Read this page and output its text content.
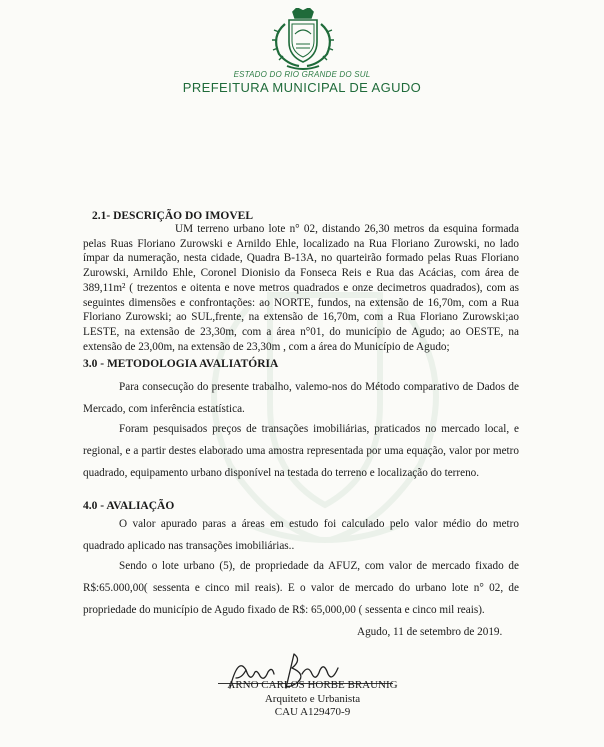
ESTADO DO RIO GRANDE DO SUL
PREFEITURA MUNICIPAL DE AGUDO
2.1- DESCRIÇÃO DO IMOVEL
UM terreno urbano lote n° 02, distando 26,30 metros da esquina formada pelas Ruas Floriano Zurowski e Arnildo Ehle, localizado na Rua Floriano Zurowski, no lado ímpar da numeração, nesta cidade, Quadra B-13A, no quarteirão formado pelas Ruas Floriano Zurowski, Arnildo Ehle, Coronel Dionisio da Fonseca Reis e Rua das Acácias, com área de 389,11m² ( trezentos e oitenta e nove metros quadrados e onze decimetros quadrados), com as seguintes dimensões e confrontações: ao NORTE, fundos, na extensão de 16,70m, com a Rua Floriano Zurowski; ao SUL,frente, na extensão de 16,70m, com a Rua Floriano Zurowski;ao LESTE, na extensão de 23,30m, com a área n°01, do município de Agudo; ao OESTE, na extensão de 23,00m, na extensão de 23,30m , com a área do Município de Agudo;
3.0 - METODOLOGIA AVALIATÓRIA
Para consecução do presente trabalho, valemo-nos do Método comparativo de Dados de Mercado, com inferência estatística.
Foram pesquisados preços de transações imobiliárias, praticados no mercado local, e regional, e a partir destes elaborado uma amostra representada por uma equação, valor por metro quadrado, equipamento urbano disponível na testada do terreno e localização do terreno.
4.0 - AVALIAÇÃO
O valor apurado paras a áreas em estudo foi calculado pelo valor médio do metro quadrado aplicado nas transações imobiliárias..
Sendo o lote urbano (5), de propriedade da AFUZ, com valor de mercado fixado de R$:65.000,00( sessenta e cinco mil reais). E o valor de mercado do urbano lote n° 02, de propriedade do município de Agudo fixado de R$: 65,000,00 ( sessenta e cinco mil reais).
Agudo, 11 de setembro de 2019.
ARNO CARLOS HORBE BRAUNIG
Arquiteto e Urbanista
CAU A129470-9
